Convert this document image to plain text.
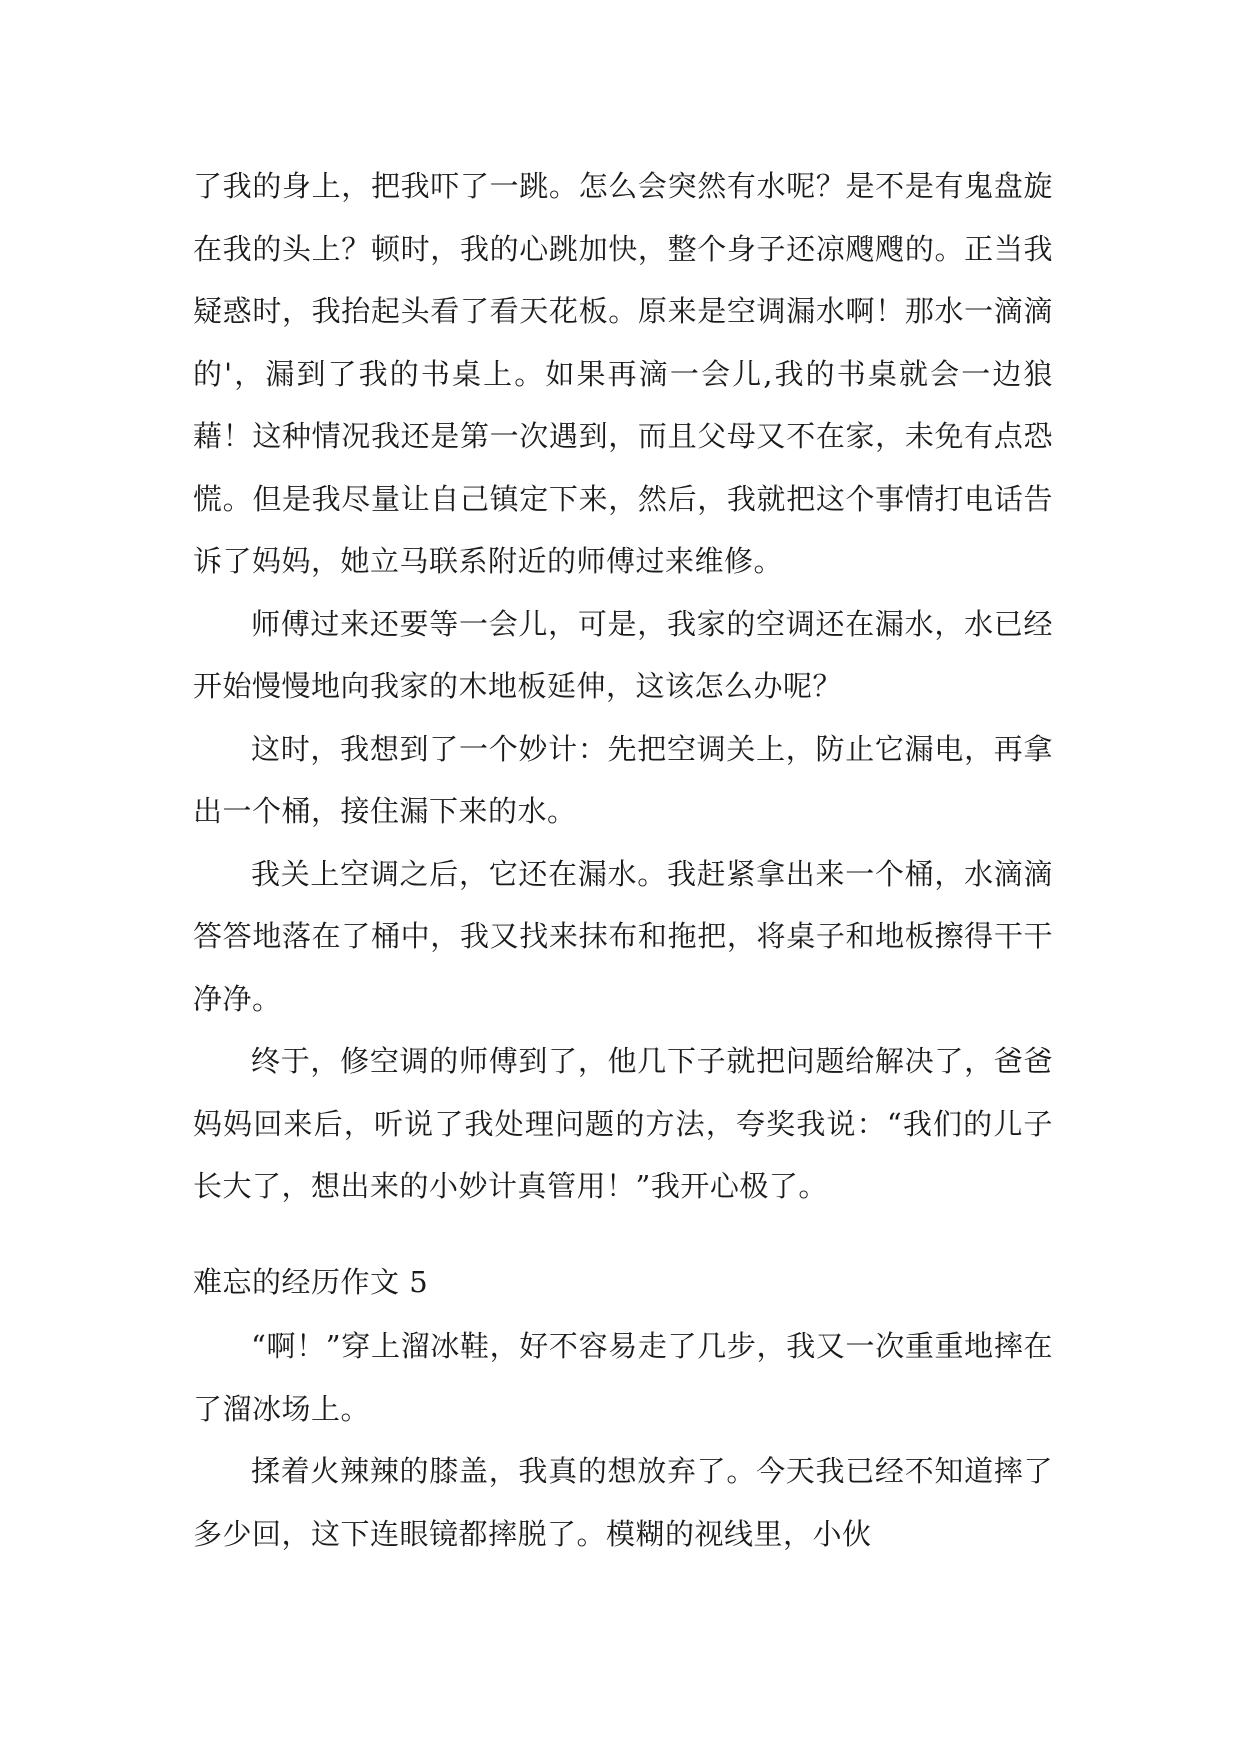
了我的身上，把我吓了一跳。怎么会突然有水呢？是不是有鬼盘旋在我的头上？顿时，我的心跳加快，整个身子还凉飕飕的。正当我疑惑时，我抬起头看了看天花板。原来是空调漏水啊！那水一滴滴的'，漏到了我的书桌上。如果再滴一会儿,我的书桌就会一边狼藉！这种情况我还是第一次遇到，而且父母又不在家，未免有点恐慌。但是我尽量让自己镇定下来，然后，我就把这个事情打电话告诉了妈妈，她立马联系附近的师傅过来维修。

师傅过来还要等一会儿，可是，我家的空调还在漏水，水已经开始慢慢地向我家的木地板延伸，这该怎么办呢？

这时，我想到了一个妙计：先把空调关上，防止它漏电，再拿出一个桶，接住漏下来的水。

我关上空调之后，它还在漏水。我赶紧拿出来一个桶，水滴滴答答地落在了桶中，我又找来抹布和拖把，将桌子和地板擦得干干净净。

终于，修空调的师傅到了，他几下子就把问题给解决了，爸爸妈妈回来后，听说了我处理问题的方法，夸奖我说：“我们的儿子长大了，想出来的小妙计真管用！”我开心极了。

难忘的经历作文 5

“啊！”穿上溜冰鞋，好不容易走了几步，我又一次重重地摔在了溜冰场上。

揉着火辣辣的膝盖，我真的想放弃了。今天我已经不知道摔了多少回，这下连眼镜都摔脱了。模糊的视线里，小伙
